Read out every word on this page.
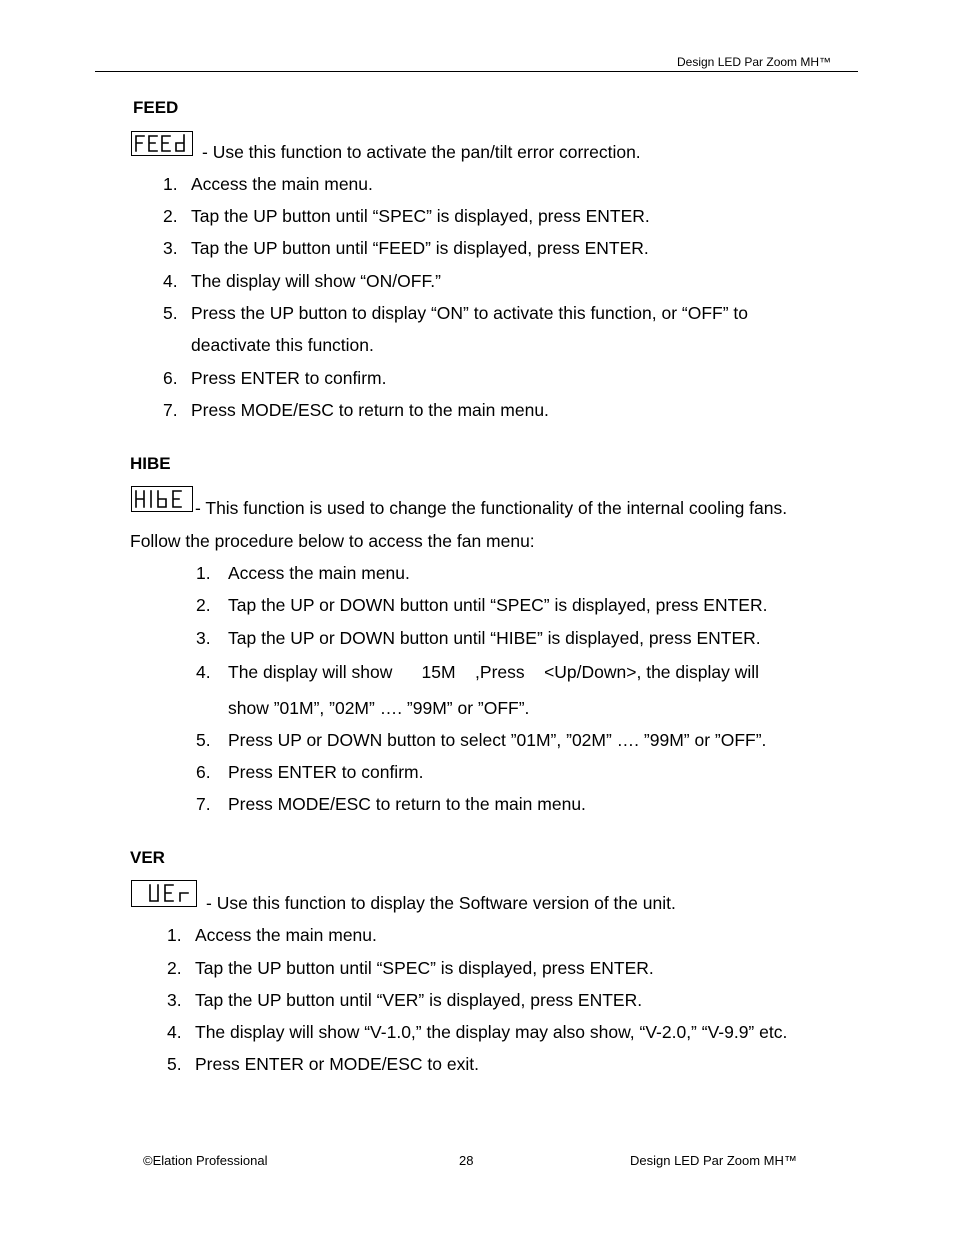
Design LED Par Zoom MH™
FEED
- Use this function to activate the pan/tilt error correction.
1. Access the main menu.
2. Tap the UP button until “SPEC” is displayed, press ENTER.
3. Tap the UP button until “FEED” is displayed, press ENTER.
4. The display will show “ON/OFF.”
5. Press the UP button to display “ON” to activate this function, or “OFF” to
deactivate this function.
6. Press ENTER to confirm.
7. Press MODE/ESC to return to the main menu.
HIBE
- This function is used to change the functionality of the internal cooling fans.
Follow the procedure below to access the fan menu:
1. Access the main menu.
2. Tap the UP or DOWN button until “SPEC” is displayed, press ENTER.
3. Tap the UP or DOWN button until “HIBE” is displayed, press ENTER.
4. The display will show      15M    ,Press    <Up/Down>, the display will
show ”01M”, ”02M” …. ”99M” or ”OFF”.
5. Press UP or DOWN button to select ”01M”, ”02M” …. ”99M” or ”OFF”.
6. Press ENTER to confirm.
7. Press MODE/ESC to return to the main menu.
VER
- Use this function to display the Software version of the unit.
1. Access the main menu.
2. Tap the UP button until “SPEC” is displayed, press ENTER.
3. Tap the UP button until “VER” is displayed, press ENTER.
4. The display will show “V-1.0,” the display may also show, “V-2.0,” “V-9.9” etc.
5. Press ENTER or MODE/ESC to exit.
©Elation Professional	28	Design LED Par Zoom MH™
